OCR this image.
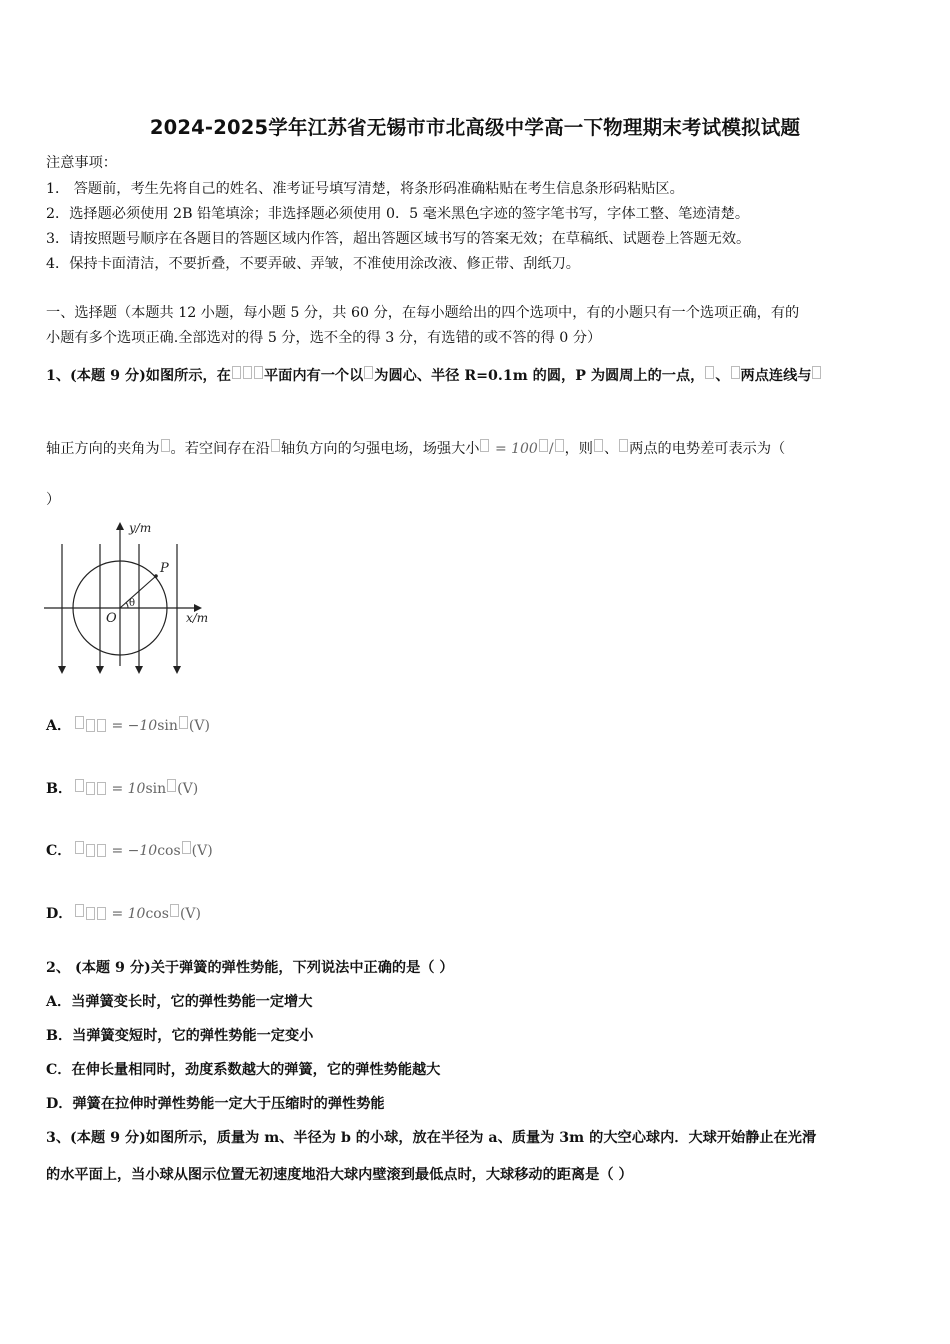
2024-2025学年江苏省无锡市市北高级中学高一下物理期末考试模拟试题
注意事项：
1． 答题前，考生先将自己的姓名、准考证号填写清楚，将条形码准确粘贴在考生信息条形码粘贴区。
2．选择题必须使用 2B 铅笔填涂；非选择题必须使用 0．5 毫米黑色字迹的签字笔书写，字体工整、笔迹清楚。
3．请按照题号顺序在各题目的答题区域内作答，超出答题区域书写的答案无效；在草稿纸、试题卷上答题无效。
4．保持卡面清洁，不要折叠，不要弄破、弄皱，不准使用涂改液、修正带、刮纸刀。
一、选择题（本题共 12 小题，每小题 5 分，共 60 分，在每小题给出的四个选项中，有的小题只有一个选项正确，有的
小题有多个选项正确.全部选对的得 5 分，选不全的得 3 分，有选错的或不答的得 0 分）
1、(本题 9 分)如图所示，在 平面内有一个以 为圆心、半径 R=0.1m 的圆，P 为圆周上的一点， 、 两点连线与
轴正方向的夹角为 。若空间存在沿 轴负方向的匀强电场，场强大小 = 100 / ，则 、 两点的电势差可表示为（
）
y/m
x/m
O
P
θ
A．	= −10sin (V)
B．	= 10sin (V)
C．	= −10cos (V)
D．	= 10cos (V)
2、 (本题 9 分)关于弹簧的弹性势能，下列说法中正确的是（ ）
A．当弹簧变长时，它的弹性势能一定增大
B．当弹簧变短时，它的弹性势能一定变小
C．在伸长量相同时，劲度系数越大的弹簧，它的弹性势能越大
D．弹簧在拉伸时弹性势能一定大于压缩时的弹性势能
3、(本题 9 分)如图所示，质量为 m、半径为 b 的小球，放在半径为 a、质量为 3m 的大空心球内．大球开始静止在光滑
的水平面上，当小球从图示位置无初速度地沿大球内壁滚到最低点时，大球移动的距离是（ ）
